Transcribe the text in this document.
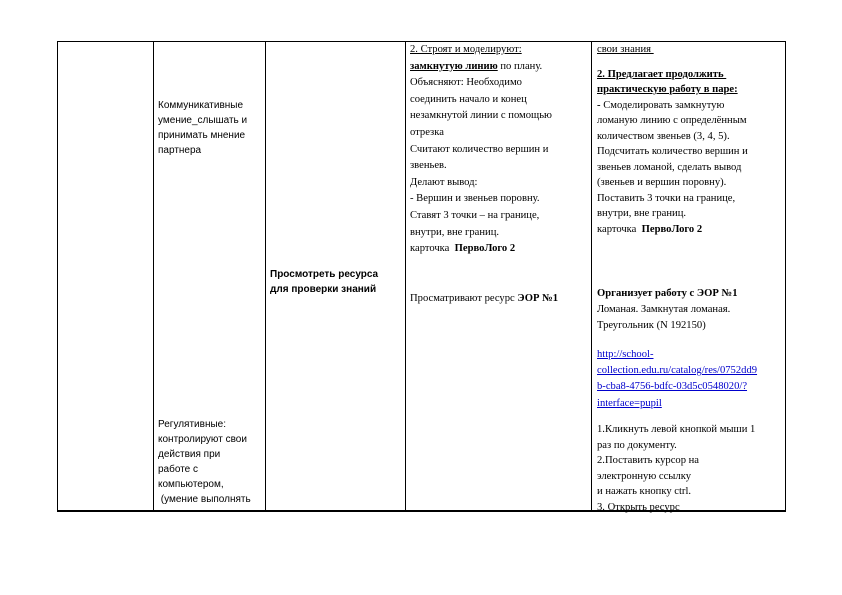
Коммуникативные
умение_слышать и
принимать мнение
партнера
Регулятивные:
контролируют свои
действия при
работе с
компьютером,
(умение выполнять
Просмотреть ресурса
для проверки знаний
2. Строят и моделируют:
замкнутую линию по плану.
Объясняют: Необходимо
соединить начало и конец
незамкнутой линии с помощью
отрезка
Считают количество вершин и
звеньев.
Делают вывод:
- Вершин и звеньев поровну.
Ставят 3 точки – на границе,
внутри, вне границ.
карточка  ПервоЛого 2
Просматривают ресурс ЭОР №1
свои знания
2. Предлагает продолжить
практическую работу в паре:
- Смоделировать замкнутую
ломаную линию с определённым
количеством звеньев (3, 4, 5).
Подсчитать количество вершин и
звеньев ломаной, сделать вывод
(звеньев и вершин поровну).
Поставить 3 точки на границе,
внутри, вне границ.
карточка  ПервоЛого 2
Организует работу с ЭОР №1
Ломаная. Замкнутая ломаная.
Треугольник (N 192150)
http://school-
collection.edu.ru/catalog/res/0752dd9
b-cba8-4756-bdfc-03d5c0548020/?
interface=pupil
1.Кликнуть левой кнопкой мыши 1
раз по документу.
2.Поставить курсор на
электронную ссылку
и нажать кнопку ctrl.
3. Открыть ресурс
